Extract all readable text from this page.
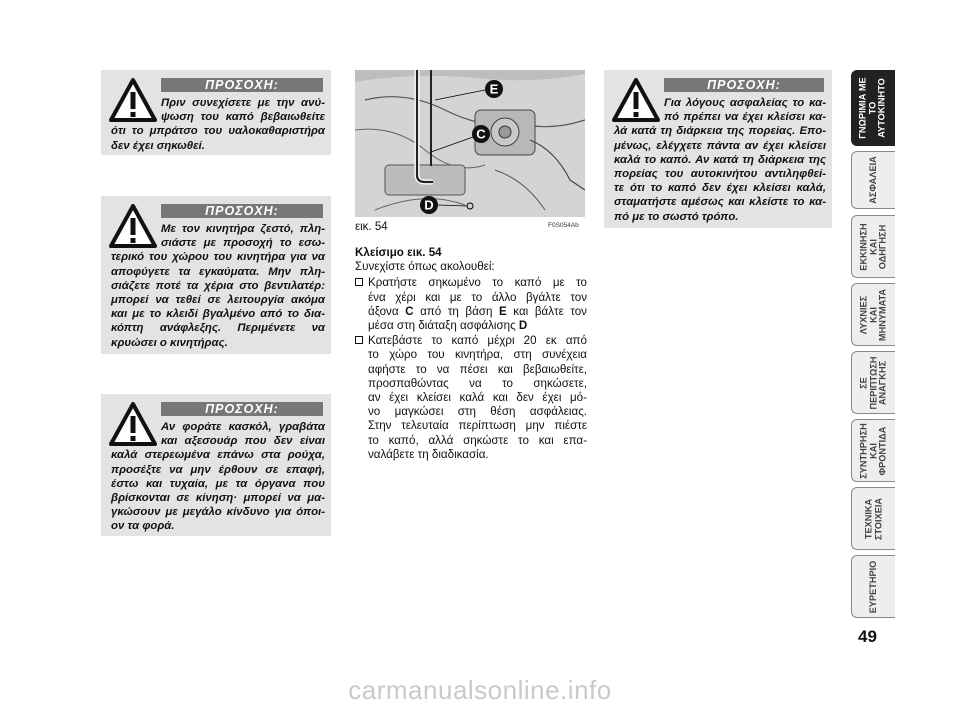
ΠΡΟΣΟΧΗ:
Πριν συνεχίσετε με την ανύ-
ψωση του καπό βεβαιωθείτε
ότι το μπράτσο του υαλοκαθαριστήρα
δεν έχει σηκωθεί.
ΠΡΟΣΟΧΗ:
Με τον κινητήρα ζεστό, πλη-
σιάστε με προσοχή το εσω-
τερικό του χώρου του κινητήρα για να
αποφύγετε τα εγκαύματα. Μην πλη-
σιάζετε ποτέ τα χέρια στο βεντιλατέρ:
μπορεί να τεθεί σε λειτουργία ακόμα
και με το κλειδί βγαλμένο από το δια-
κόπτη ανάφλεξης. Περιμένετε να
κρυώσει ο κινητήρας.
ΠΡΟΣΟΧΗ:
Αν φοράτε κασκόλ, γραβάτα
και αξεσουάρ που δεν είναι
καλά στερεωμένα επάνω στα ρούχα,
προσέξτε να μην έρθουν σε επαφή,
έστω και τυχαία, με τα όργανα που
βρίσκονται σε κίνηση· μπορεί να μα-
γκώσουν με μεγάλο κίνδυνο για όποι-
ον τα φορά.
E
C
D
εικ. 54	F0S054Ab

Κλείσιμο εικ. 54

Συνεχίστε όπως ακολουθεί:

Κρατήστε σηκωμένο το καπό με το
ένα χέρι και με το άλλο βγάλτε τον
άξονα C από τη βάση E και βάλτε τον
μέσα στη διάταξη ασφάλισης D
Κατεβάστε το καπό μέχρι 20 εκ από
το χώρο του κινητήρα, στη συνέχεια
αφήστε το να πέσει και βεβαιωθείτε,
προσπαθώντας να το σηκώσετε,
αν έχει κλείσει καλά και δεν έχει μό-
νο μαγκώσει στη θέση ασφάλειας.
Στην τελευταία περίπτωση μην πιέστε
το καπό, αλλά σηκώστε το και επα-
ναλάβετε τη διαδικασία.
ΠΡΟΣΟΧΗ:
Για λόγους ασφαλείας το κα-
πό πρέπει να έχει κλείσει κα-
λά κατά τη διάρκεια της πορείας. Επο-
μένως, ελέγχετε πάντα αν έχει κλείσει
καλά το καπό. Αν κατά τη διάρκεια της
πορείας του αυτοκινήτου αντιληφθεί-
τε ότι το καπό δεν έχει κλείσει καλά,
σταματήστε αμέσως και κλείστε το κα-
πό με το σωστό τρόπο.
ΓΝΩΡΙΜΙΑ ΜΕ ΤΟ ΑΥΤΟΚΙΝΗΤΟ
ΑΣΦΑΛΕΙΑ
ΕΚΚΙΝΗΣΗ ΚΑΙ ΟΔΗΓΗΣΗ
ΛΥΧΝΙΕΣ ΚΑΙ ΜΗΝΥΜΑΤΑ
ΣΕ ΠΕΡΙΠΤΩΣΗ ΑΝΑΓΚΗΣ
ΣΥΝΤΗΡΗΣΗ ΚΑΙ ΦΡΟΝΤΙΔΑ
ΤΕΧΝΙΚΑ ΣΤΟΙΧΕΙΑ
ΕΥΡΕΤΗΡΙΟ
49
carmanualsonline.info
